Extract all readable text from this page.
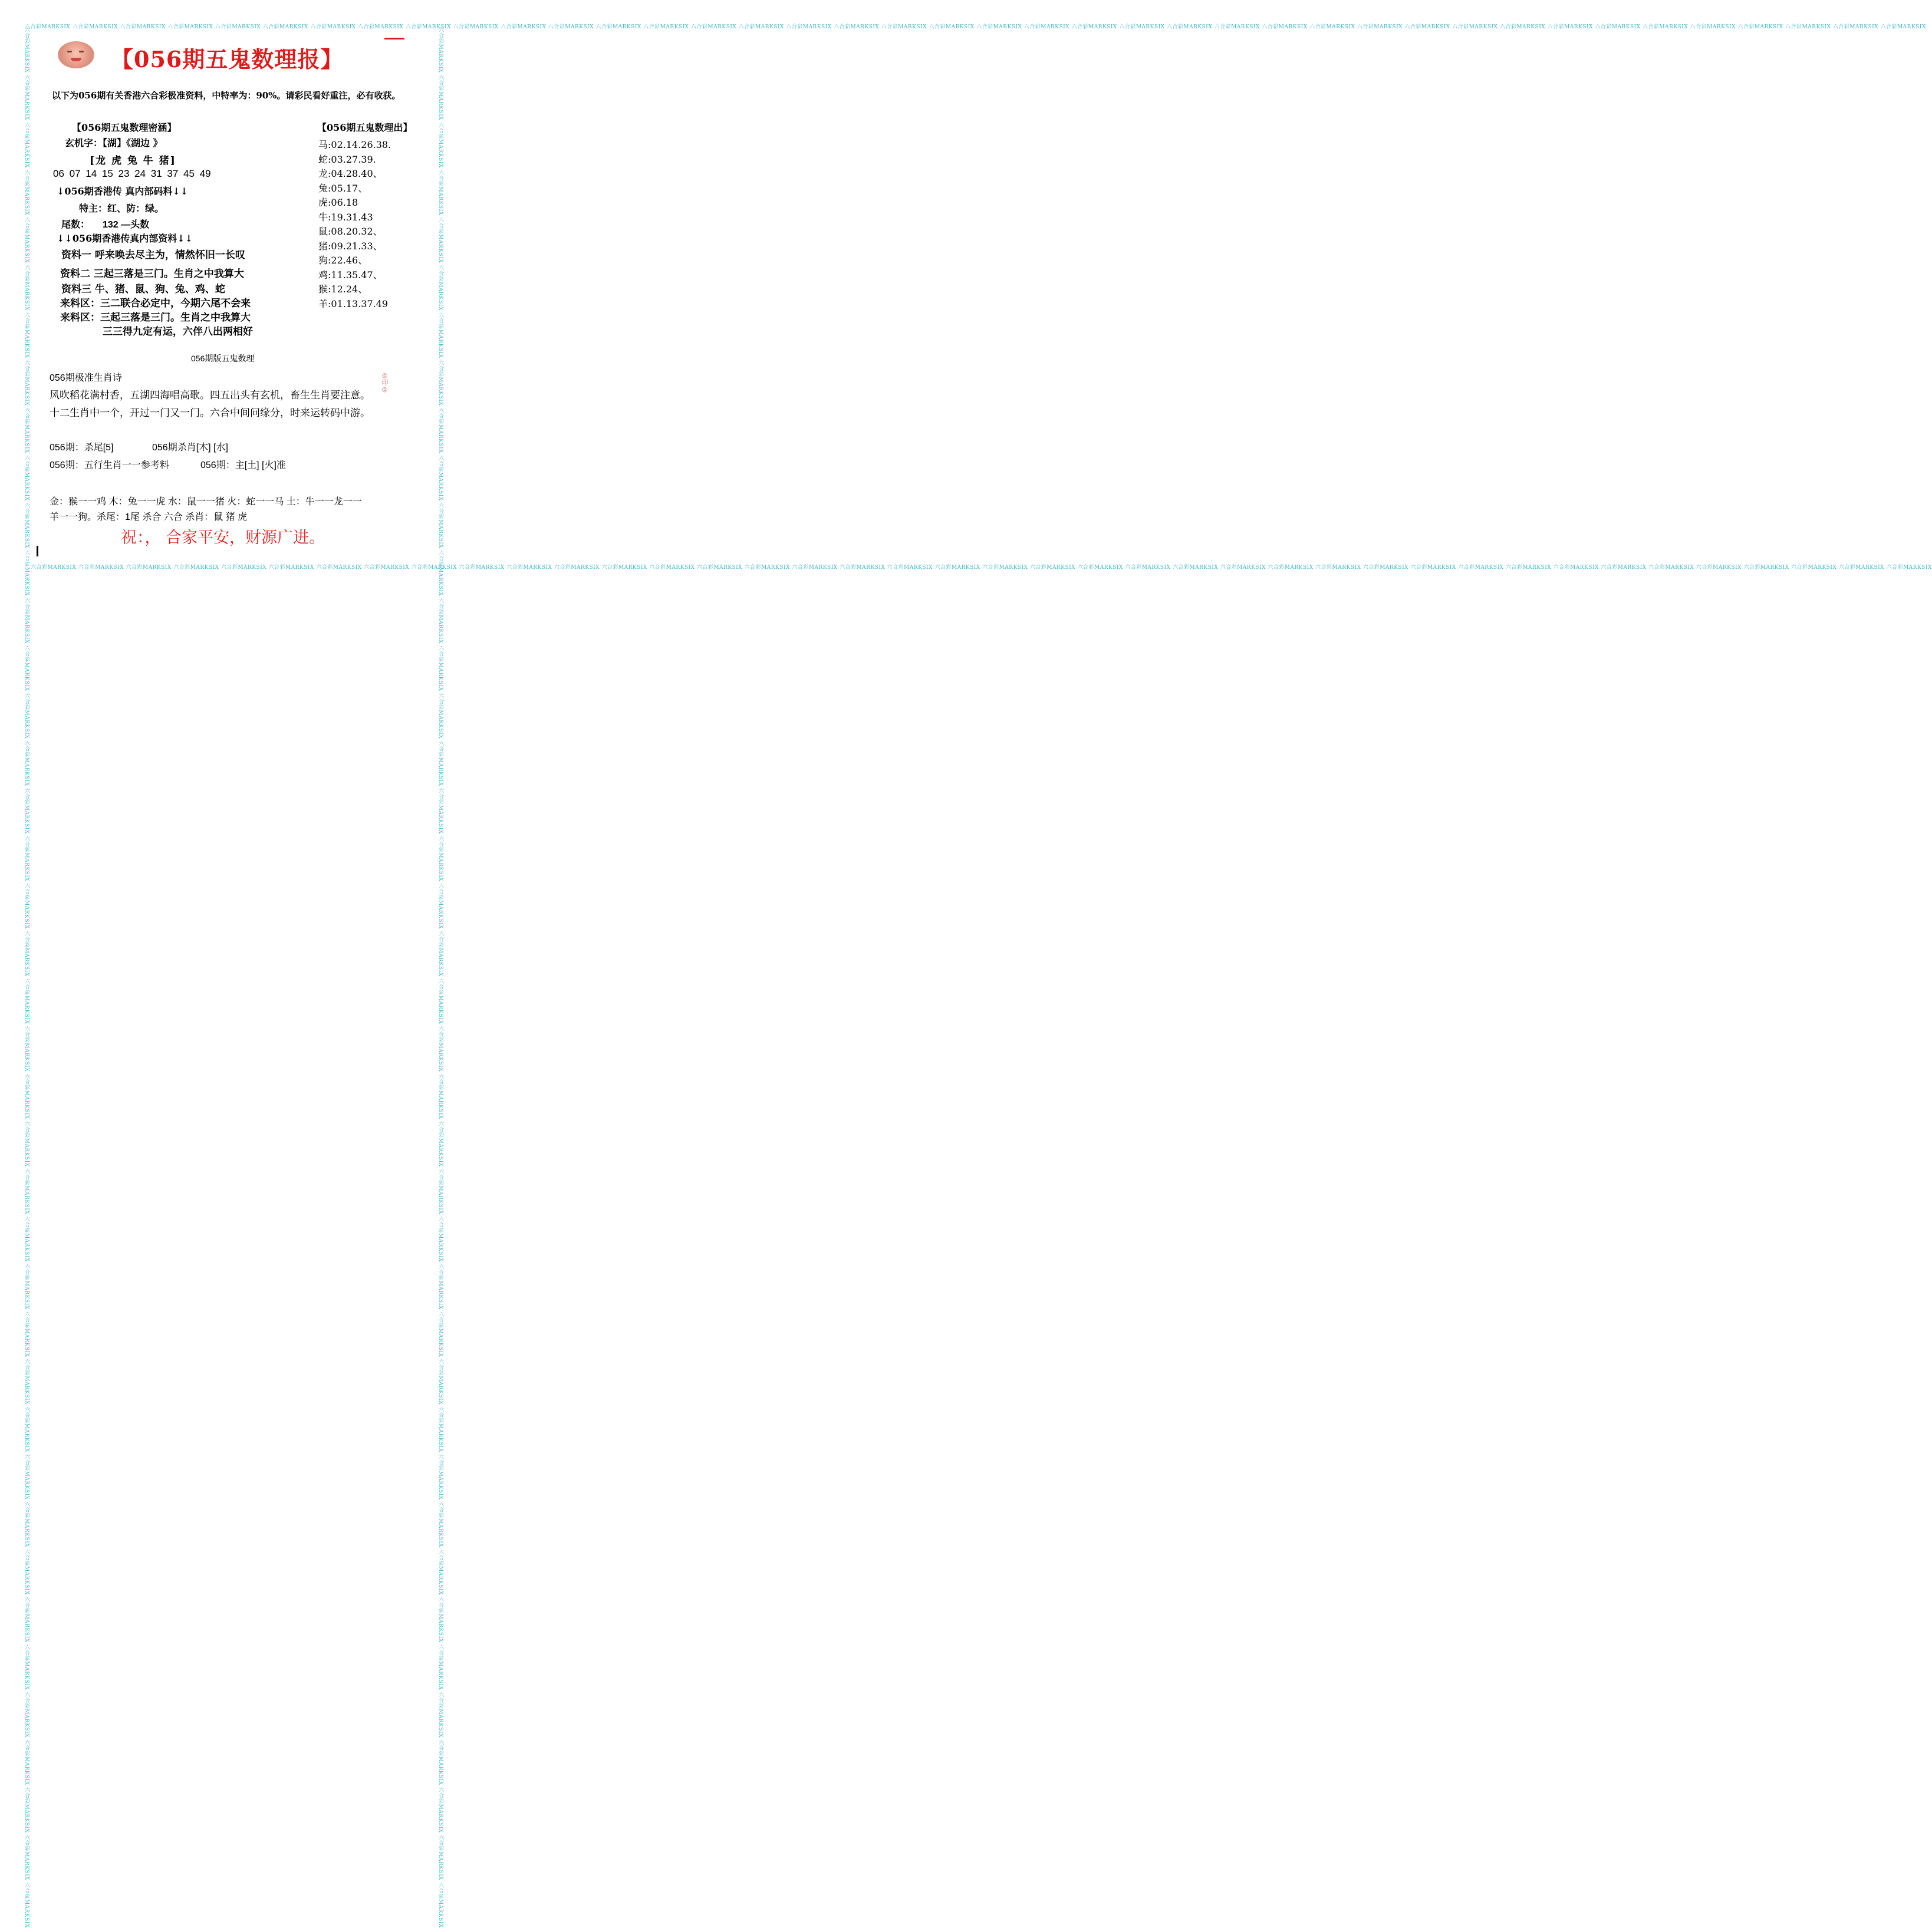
六合彩MARKSIX 六合彩MARKSIX 六合彩MARKSIX 六合彩MARKSIX 六合彩MARKSIX 六合彩MARKSIX 六合彩MARKSIX 六合彩MARKSIX 六合彩MARKSIX 六合彩MARKSIX 六合彩MARKSIX 六合彩MARKSIX 六合彩MARKSIX 六合彩MARKSIX 六合彩MARKSIX 六合彩MARKSIX 六合彩MARKSIX 六合彩MARKSIX 六合彩MARKSIX 六合彩MARKSIX 六合彩MARKSIX 六合彩MARKSIX 六合彩MARKSIX 六合彩MARKSIX 六合彩MARKSIX 六合彩MARKSIX 六合彩MARKSIX 六合彩MARKSIX 六合彩MARKSIX 六合彩MARKSIX 六合彩MARKSIX 六合彩MARKSIX 六合彩MARKSIX 六合彩MARKSIX 六合彩MARKSIX 六合彩MARKSIX 六合彩MARKSIX 六合彩MARKSIX 六合彩MARKSIX 六合彩MARKSIX
六合彩MARKSIX 六合彩MARKSIX 六合彩MARKSIX 六合彩MARKSIX 六合彩MARKSIX 六合彩MARKSIX 六合彩MARKSIX 六合彩MARKSIX 六合彩MARKSIX 六合彩MARKSIX 六合彩MARKSIX 六合彩MARKSIX 六合彩MARKSIX 六合彩MARKSIX 六合彩MARKSIX 六合彩MARKSIX 六合彩MARKSIX 六合彩MARKSIX 六合彩MARKSIX 六合彩MARKSIX 六合彩MARKSIX 六合彩MARKSIX 六合彩MARKSIX 六合彩MARKSIX 六合彩MARKSIX 六合彩MARKSIX 六合彩MARKSIX 六合彩MARKSIX 六合彩MARKSIX 六合彩MARKSIX 六合彩MARKSIX 六合彩MARKSIX 六合彩MARKSIX 六合彩MARKSIX 六合彩MARKSIX 六合彩MARKSIX 六合彩MARKSIX 六合彩MARKSIX 六合彩MARKSIX 六合彩MARKSIX
六合彩MARKSIX 六合彩MARKSIX 六合彩MARKSIX 六合彩MARKSIX 六合彩MARKSIX 六合彩MARKSIX 六合彩MARKSIX 六合彩MARKSIX 六合彩MARKSIX 六合彩MARKSIX 六合彩MARKSIX 六合彩MARKSIX 六合彩MARKSIX 六合彩MARKSIX 六合彩MARKSIX 六合彩MARKSIX 六合彩MARKSIX 六合彩MARKSIX 六合彩MARKSIX 六合彩MARKSIX 六合彩MARKSIX 六合彩MARKSIX 六合彩MARKSIX 六合彩MARKSIX 六合彩MARKSIX 六合彩MARKSIX 六合彩MARKSIX 六合彩MARKSIX 六合彩MARKSIX 六合彩MARKSIX 六合彩MARKSIX 六合彩MARKSIX 六合彩MARKSIX 六合彩MARKSIX 六合彩MARKSIX 六合彩MARKSIX 六合彩MARKSIX 六合彩MARKSIX 六合彩MARKSIX 六合彩MARKSIX	六合彩MARKSIX 六合彩MARKSIX 六合彩MARKSIX 六合彩MARKSIX 六合彩MARKSIX 六合彩MARKSIX 六合彩MARKSIX 六合彩MARKSIX 六合彩MARKSIX 六合彩MARKSIX 六合彩MARKSIX 六合彩MARKSIX 六合彩MARKSIX 六合彩MARKSIX 六合彩MARKSIX 六合彩MARKSIX 六合彩MARKSIX 六合彩MARKSIX 六合彩MARKSIX 六合彩MARKSIX 六合彩MARKSIX 六合彩MARKSIX 六合彩MARKSIX 六合彩MARKSIX 六合彩MARKSIX 六合彩MARKSIX 六合彩MARKSIX 六合彩MARKSIX 六合彩MARKSIX 六合彩MARKSIX 六合彩MARKSIX 六合彩MARKSIX 六合彩MARKSIX 六合彩MARKSIX 六合彩MARKSIX 六合彩MARKSIX 六合彩MARKSIX 六合彩MARKSIX 六合彩MARKSIX 六合彩MARKSIX
【056期五鬼数理报】
以下为056期有关香港六合彩极准资料，中特率为：90%。请彩民看好重注，必有收获。
【056期五鬼数理密涵】
玄机字：【湖】《湖边 》
[龙 虎 兔 牛 猪]
06 07 14 15 23 24 31 37 45 49
↓056期香港传 真内部码料↓↓
特主：红、防：绿。
尾数： 132 —头数
↓↓056期香港传真内部资料↓↓
资料一 呼来唤去尽主为，情然怀旧一长叹
资料二 三起三落是三门。生肖之中我算大
资料三 牛、猪、鼠、狗、兔、鸡、蛇
来料区：三二联合必定中，今期六尾不会来
来料区：三起三落是三门。生肖之中我算大
三三得九定有运，六伴八出两相好
【056期五鬼数理出】
马:02.14.26.38.
蛇:03.27.39.
龙:04.28.40、
兔:05.17、
虎:06.18
牛:19.31.43
鼠:08.20.32、
猪:09.21.33、
狗:22.46、
鸡:11.35.47、
猴:12.24、
羊:01.13.37.49
056期版五鬼数理
056期极准生肖诗
风吹稻花满村香，五湖四海唱高歌。四五出头有玄机，畜生生肖要注意。
十二生肖中一个，开过一门又一门。六合中间问缘分，时来运转码中游。
◎印◎
056期：杀尾[5]	056期杀肖[木] [水]
056期：五行生肖一一参考料	056期：主[土] [火]准
金：猴一一鸡 木：兔一一虎 水：鼠一一猪 火：蛇一一马 土：牛一一龙一一
羊一一狗。杀尾：1尾 杀合 六合 杀肖：鼠 猪 虎
祝：， 合家平安，财源广进。
